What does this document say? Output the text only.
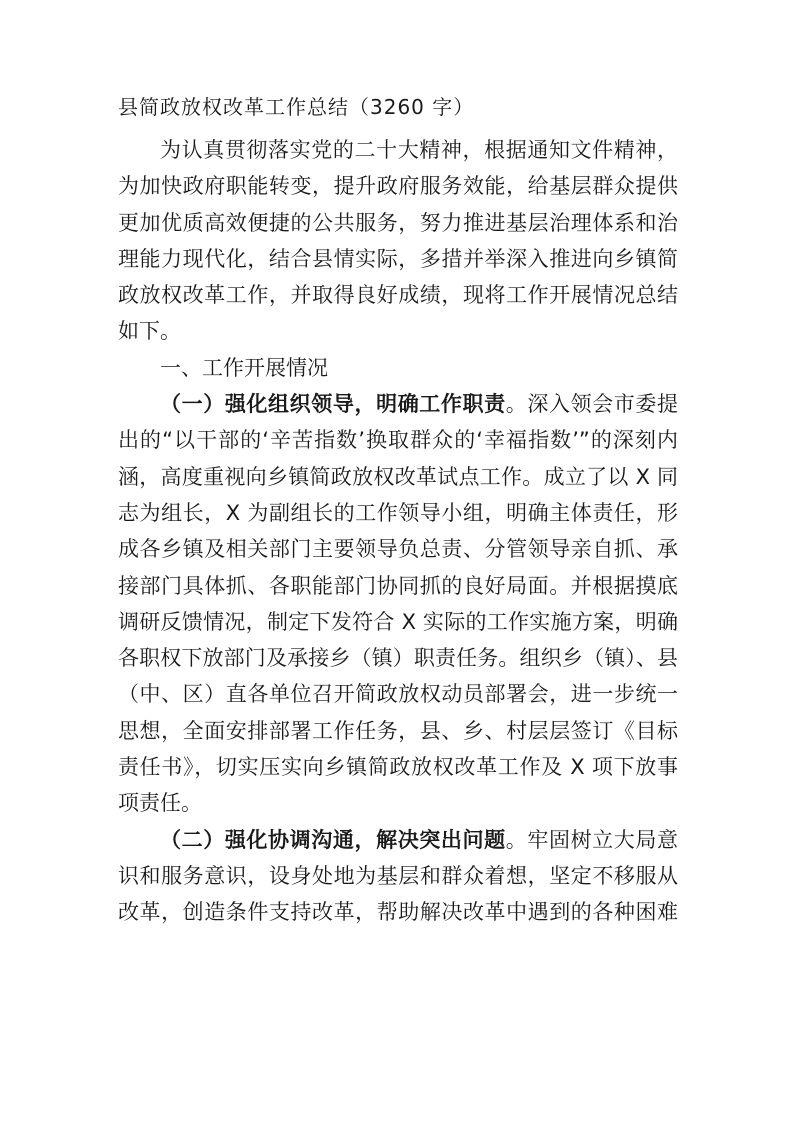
县简政放权改革工作总结（3260 字）

为认真贯彻落实党的二十大精神，根据通知文件精神，为加快政府职能转变，提升政府服务效能，给基层群众提供更加优质高效便捷的公共服务，努力推进基层治理体系和治理能力现代化，结合县情实际，多措并举深入推进向乡镇简政放权改革工作，并取得良好成绩，现将工作开展情况总结如下。

一、工作开展情况

（一）强化组织领导，明确工作职责。深入领会市委提出的“以干部的‘辛苦指数’换取群众的‘幸福指数’”的深刻内涵，高度重视向乡镇简政放权改革试点工作。成立了以 X 同志为组长，X 为副组长的工作领导小组，明确主体责任，形成各乡镇及相关部门主要领导负总责、分管领导亲自抓、承接部门具体抓、各职能部门协同抓的良好局面。并根据摸底调研反馈情况，制定下发符合 X 实际的工作实施方案，明确各职权下放部门及承接乡（镇）职责任务。组织乡（镇）、县（中、区）直各单位召开简政放权动员部署会，进一步统一思想，全面安排部署工作任务，县、乡、村层层签订《目标责任书》，切实压实向乡镇简政放权改革工作及 X 项下放事项责任。

（二）强化协调沟通，解决突出问题。牢固树立大局意识和服务意识，设身处地为基层和群众着想，坚定不移服从改革，创造条件支持改革，帮助解决改革中遇到的各种困难
